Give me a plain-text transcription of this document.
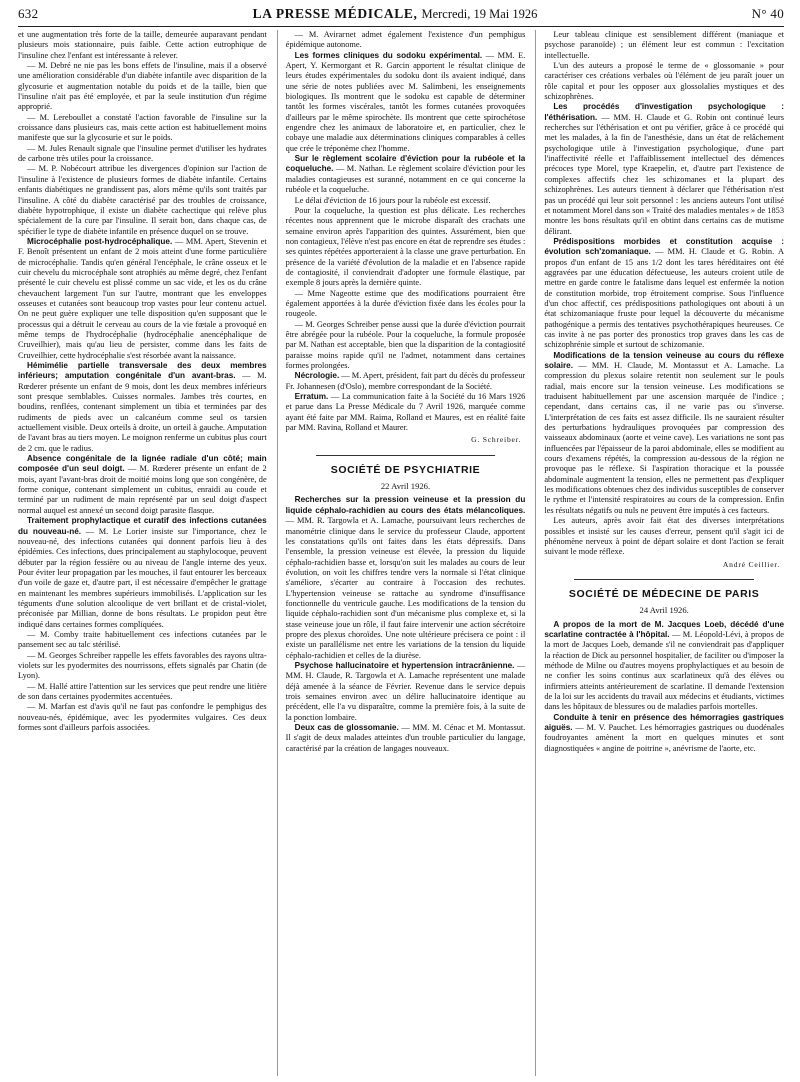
632	LA PRESSE MÉDICALE, Mercredi, 19 Mai 1926	N° 40

et une augmentation très forte de la taille, demeurée auparavant pendant plusieurs mois stationnaire, puis faible. Cette action eutrophique de l'insuline chez l'enfant est intéressante à relever.

— M. Debré ne nie pas les bons effets de l'insuline, mais il a observé une amélioration considérable d'un diabète infantile avec disparition de la glycosurie et augmentation notable du poids et de la taille, bien que l'insuline n'ait pas été employée, et par la seule institution d'un régime approprié.

— M. Lereboullet a constaté l'action favorable de l'insuline sur la croissance dans plusieurs cas, mais cette action est habituellement moins manifeste que sur la glycosurie et sur le poids.

— M. Jules Renault signale que l'insuline permet d'utiliser les hydrates de carbone très utiles pour la croissance.

— M. P. Nobécourt attribue les divergences d'opinion sur l'action de l'insuline à l'existence de plusieurs formes de diabète infantile. Certains enfants diabétiques ne grandissent pas, alors même qu'ils sont traités par l'insuline. A côté du diabète caractérisé par des troubles de croissance, diabète hypotrophique, il existe un diabète cachectique qui relève plus spécialement de la cure par l'insuline. Il serait bon, dans chaque cas, de spécifier le type de diabète infantile en présence duquel on se trouve.

Microcéphalie post-hydrocéphalique. — MM. Apert, Stevenin et F. Benoît présentent un enfant de 2 mois atteint d'une forme particulière de microcéphalie. Tandis qu'en général l'encéphale, le crâne osseux et le cuir chevelu du microcéphale sont atrophiés au même degré, chez l'enfant présenté le cuir chevelu est plissé comme un sac vide, et les os du crâne chevauchent largement l'un sur l'autre, montrant que les enveloppes osseuses et cutanées sont beaucoup trop vastes pour leur contenu actuel. On ne peut guère expliquer une telle disposition qu'en supposant que le processus qui a détruit le cerveau au cours de la vie fœtale a provoqué en même temps de l'hydrocéphalie (hydrocéphalie anencéphalique de Cruveilhier), mais qu'au lieu de persister, comme dans les faits de Cruveilhier, cette hydrocéphalie s'est résorbée avant la naissance.

Hémimélie partielle transversale des deux membres inférieurs; amputation congénitale d'un avant-bras. — M. Rœderer présente un enfant de 9 mois, dont les deux membres inférieurs sont presque semblables. Cuisses normales. Jambes très courtes, en boudins, renflées, contenant simplement un tibia et terminées par des rudiments de pieds avec un calcanéum comme seul os tarsien actuellement visible. Deux orteils à droite, un orteil à gauche. Amputation de l'avant bras au tiers moyen. Le moignon renferme un cubitus plus court de 2 cm. que le radius.

Absence congénitale de la lignée radiale d'un côté; main composée d'un seul doigt. — M. Rœderer présente un enfant de 2 mois, ayant l'avant-bras droit de moitié moins long que son congénère, de forme conique, contenant simplement un cubitus, enraidi au coude et terminé par un rudiment de main représenté par un seul doigt d'aspect normal auquel est annexé un second doigt parasite flasque.

Traitement prophylactique et curatif des infections cutanées du nouveau-né. — M. Le Lorier insiste sur l'importance, chez le nouveau-né, des infections cutanées qui donnent parfois lieu à des épidémies. Ces infections, dues principalement au staphylocoque, peuvent débuter par la région fessière ou au niveau de l'angle interne des yeux. Pour éviter leur propagation par les mouches, il faut entourer les berceaux d'un voile de gaze et, d'autre part, il est nécessaire d'empêcher le grattage en maintenant les membres supérieurs immobilisés. L'application sur les téguments d'une solution alcoolique de vert brillant et de cristal-violet, préconisée par Millian, donne de bons résultats. Le propidon peut être indiqué dans certaines formes compliquées.

— M. Comby traite habituellement ces infections cutanées par le pansement sec au talc stérilisé.

— M. Georges Schreiber rappelle les effets favorables des rayons ultra-violets sur les pyodermites des nourrissons, effets signalés par Chatin (de Lyon).

— M. Hallé attire l'attention sur les services que peut rendre une litière de son dans certaines pyodermites accentuées.

— M. Marfan est d'avis qu'il ne faut pas confondre le pemphigus des nouveau-nés, épidémique, avec les pyodermites vulgaires. Ces deux formes sont d'ailleurs parfois associées.

— M. Avirагnet admet également l'existence d'un pemphigus épidémique autonome.

Les formes cliniques du sodoku expérimental. — MM. E. Apert, Y. Kermorgant et R. Garcin apportent le résultat clinique de leurs études expérimentales du sodoku dont ils avaient indiqué, dans une série de notes publiées avec M. Salimbeni, les enseignements biologiques. Ils montrent que le sodoku est capable de déterminer tantôt les formes viscérales, tantôt les formes cutanées provoquées d'ailleurs par le même spirochète. Ils montrent que cette spirochétose engendre chez les animaux de laboratoire et, en particulier, chez le cobaye une maladie aux déterminations cliniques comparables à celles que crée le tréponème chez l'homme.

Sur le règlement scolaire d'éviction pour la rubéole et la coqueluche. — M. Nathan. Le règlement scolaire d'éviction pour les maladies contagieuses est suranné, notamment en ce qui concerne la rubéole et la coqueluche.

Le délai d'éviction de 16 jours pour la rubéole est excessif.

Pour la coqueluche, la question est plus délicate. Les recherches récentes nous apprennent que le microbe disparaît des crachats une semaine environ après l'apparition des quintes. Assurément, bien que non contagieux, l'élève n'est pas encore en état de reprendre ses études : ses quintes répétées apporteraient à la classe une grave perturbation. En présence de la variété d'évolution de la maladie et en l'absence rapide de contagiosité, il conviendrait d'adopter une formule élastique, par exemple 8 jours après la dernière quinte.

— Mme Nageotte estime que des modifications pourraient être également apportées à la durée d'éviction fixée dans les écoles pour la rougeole.

— M. Georges Schreiber pense aussi que la durée d'éviction pourrait être abrégée pour la rubéole. Pour la coqueluche, la formule proposée par M. Nathan est acceptable, bien que la disparition de la contagiosité paraisse moins rapide qu'il ne l'admet, notamment dans certaines formes prolongées.

Nécrologie. — M. Apert, président, fait part du décès du professeur Fr. Johannesen (d'Oslo), membre correspondant de la Société.

Erratum. — La communication faite à la Société du 16 Mars 1926 et parue dans La Presse Médicale du 7 Avril 1926, marquée comme ayant été faite par MM. Raima, Rolland et Maures, est en réalité faite par MM. Ravina, Rolland et Maurer.

G. Schreiber.
SOCIÉTÉ DE PSYCHIATRIE
22 Avril 1926.

Recherches sur la pression veineuse et la pression du liquide céphalo-rachidien au cours des états mélancoliques. — MM. R. Targowla et A. Lamache, poursuivant leurs recherches de manométrie clinique dans le service du professeur Claude, apportent les constatations qu'ils ont faites dans les états dépressifs. Dans l'ensemble, la pression veineuse est élevée, la pression du liquide céphalo-rachidien basse et, lorsqu'on suit les malades au cours de leur évolution, on voit les chiffres tendre vers la normale si l'état clinique s'améliore, s'écarter au contraire à l'occasion des rechutes. L'hypertension veineuse se rattache au syndrome d'insuffisance fonctionnelle du ventricule gauche. Les modifications de la tension du liquide céphalo-rachidien sont d'un mécanisme plus complexe et, si la stase veineuse joue un rôle, il faut faire intervenir une action sécrétoire propre des plexus choroïdes. Une note ultérieure précisera ce point : il existe un parallélisme net entre les variations de la tension du liquide céphalo-rachidien et celles de la diurèse.

Psychose hallucinatoire et hypertension intracrânienne. — MM. H. Claude, R. Targowla et A. Lamache représentent une malade déjà amenée à la séance de Février. Revenue dans le service depuis trois semaines environ avec un délire hallucinatoire identique au précédent, elle l'a vu disparaître, comme la première fois, à la suite de la ponction lombaire.

Deux cas de glossomanie. — MM. M. Cénac et M. Montassut. Il s'agit de deux malades atteintes d'un trouble particulier du langage, caractérisé par la création de langages nouveaux.

Leur tableau clinique est sensiblement différent (maniaque et psychose paranoïde) ; un élément leur est commun : l'excitation intellectuelle.

L'un des auteurs a proposé le terme de « glossomanie » pour caractériser ces créations verbales où l'élément de jeu paraît jouer un rôle capital et pour les opposer aux glossolalies mystiques et des schizophrènes.

Les procédés d'investigation psychologique : l'éthérisation. — MM. H. Claude et G. Robin ont continué leurs recherches sur l'éthérisation et ont pu vérifier, grâce à ce procédé qui met les malades, à la fin de l'anesthésie, dans un état de relâchement psychologique utile à l'investigation psychologique, d'une part l'inaffectivité réelle et l'affaiblissement intellectuel des démences précoces type Morel, type Kraepelin, et, d'autre part l'existence de complexes affectifs chez les schizomanes et la plupart des schizophrènes. Les auteurs tiennent à déclarer que l'éthérisation n'est pas un procédé qui leur soit personnel : les anciens auteurs l'ont utilisé et notamment Morel dans son « Traité des maladies mentales » de 1853 montre les bons résultats qu'il en obtint dans certains cas de mutisme délirant.

Prédispositions morbides et constitution acquise : évolution sch'zomaniaque. — MM. H. Claude et G. Robin. A propos d'un enfant de 15 ans 1/2 dont les tares héréditaires ont été aggravées par une éducation défectueuse, les auteurs croient utile de mettre en garde contre le fatalisme dans lequel est enfermée la notion de constitution morbide, trop étroitement comprise. Sous l'influence d'un choc affectif, ces prédispositions pathologiques ont abouti à un état schizomaniaque fruste pour lequel la découverte du mécanisme pathogénique a permis des tentatives psychothérapiques heureuses. Ce cas invite à ne pas porter des pronostics trop graves dans les cas de schizophrénie simple et surtout de schizomanie.

Modifications de la tension veineuse au cours du réflexe solaire. — MM. H. Claude, M. Montassut et A. Lamache. La compression du plexus solaire retentit non seulement sur le pouls radial, mais encore sur la tension veineuse. Les modifications se traduisent habituellement par une ascension marquée de l'indice ; cependant, dans certains cas, il ne varie pas ou s'inverse. L'interprétation de ces faits est assez difficile. Ils ne sauraient résulter des perturbations hydrauliques provoquées par compression des vaisseaux abdominaux (aorte et veine cave). Les variations ne sont pas influencées par l'épaisseur de la paroi abdominale, elles se modifient au cours d'examens répétés, la compression au-dessous de la région ne provoque pas le réflexe. Si l'aspiration thoracique et la poussée abdominale augmentent la tension, elles ne permettent pas d'expliquer les modifications obtenues chez des individus susceptibles de conserver le rythme et l'intensité respiratoires au cours de la compression. Enfin les résultats négatifs ou nuls ne peuvent être imputés à ces facteurs.

Les auteurs, après avoir fait état des diverses interprétations possibles et insisté sur les causes d'erreur, pensent qu'il s'agit ici de phénomène nerveux à point de départ solaire et dont l'action se ferait suivant le mode réflexe.

André Ceillier.
SOCIÉTÉ DE MÉDECINE DE PARIS
24 Avril 1926.

A propos de la mort de M. Jacques Loeb, décédé d'une scarlatine contractée à l'hôpital. — M. Léopold-Lévi, à propos de la mort de Jacques Loeb, demande s'il ne conviendrait pas d'appliquer la réaction de Dick au personnel hospitalier, de faciliter ou d'imposer la méthode de Milne ou d'autres moyens prophylactiques et au besoin de ne confier les soins continus aux scarlatineux qu'à des élèves ou infirmiers atteints antérieurement de scarlatine. Il demande l'extension de la loi sur les accidents du travail aux médecins et étudiants, victimes dans les hôpitaux de blessures ou de maladies parfois mortelles.

Conduite à tenir en présence des hémorragies gastriques aiguës. — M. V. Pauchet. Les hémorragies gastriques ou duodénales foudroyantes amènent la mort en quelques minutes et sont diagnostiquées « angine de poitrine », anévrisme de l'aorte, etc.
